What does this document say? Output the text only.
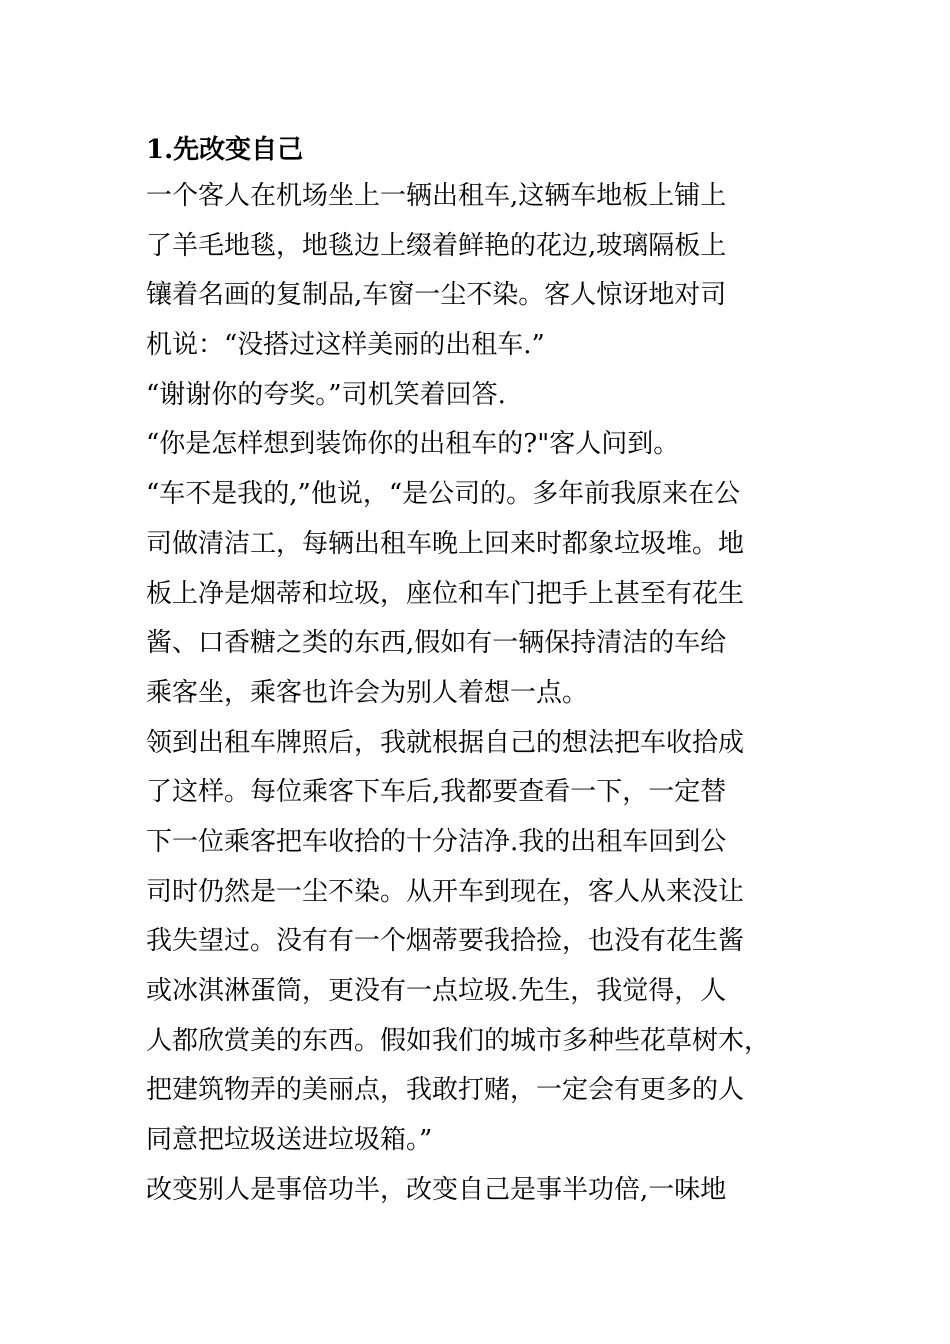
1.先改变自己
一个客人在机场坐上一辆出租车,这辆车地板上铺上
了羊毛地毯，地毯边上缀着鲜艳的花边,玻璃隔板上
镶着名画的复制品,车窗一尘不染。客人惊讶地对司
机说：“没搭过这样美丽的出租车.”
“谢谢你的夸奖。”司机笑着回答.
“你是怎样想到装饰你的出租车的?"客人问到。
“车不是我的,”他说，“是公司的。多年前我原来在公
司做清洁工，每辆出租车晚上回来时都象垃圾堆。地
板上净是烟蒂和垃圾，座位和车门把手上甚至有花生
酱、口香糖之类的东西,假如有一辆保持清洁的车给
乘客坐，乘客也许会为别人着想一点。
领到出租车牌照后，我就根据自己的想法把车收拾成
了这样。每位乘客下车后,我都要查看一下，一定替
下一位乘客把车收拾的十分洁净.我的出租车回到公
司时仍然是一尘不染。从开车到现在，客人从来没让
我失望过。没有有一个烟蒂要我拾捡，也没有花生酱
或冰淇淋蛋筒，更没有一点垃圾.先生，我觉得，人
人都欣赏美的东西。假如我们的城市多种些花草树木，
把建筑物弄的美丽点，我敢打赌，一定会有更多的人
同意把垃圾送进垃圾箱。”
改变别人是事倍功半，改变自己是事半功倍,一味地
